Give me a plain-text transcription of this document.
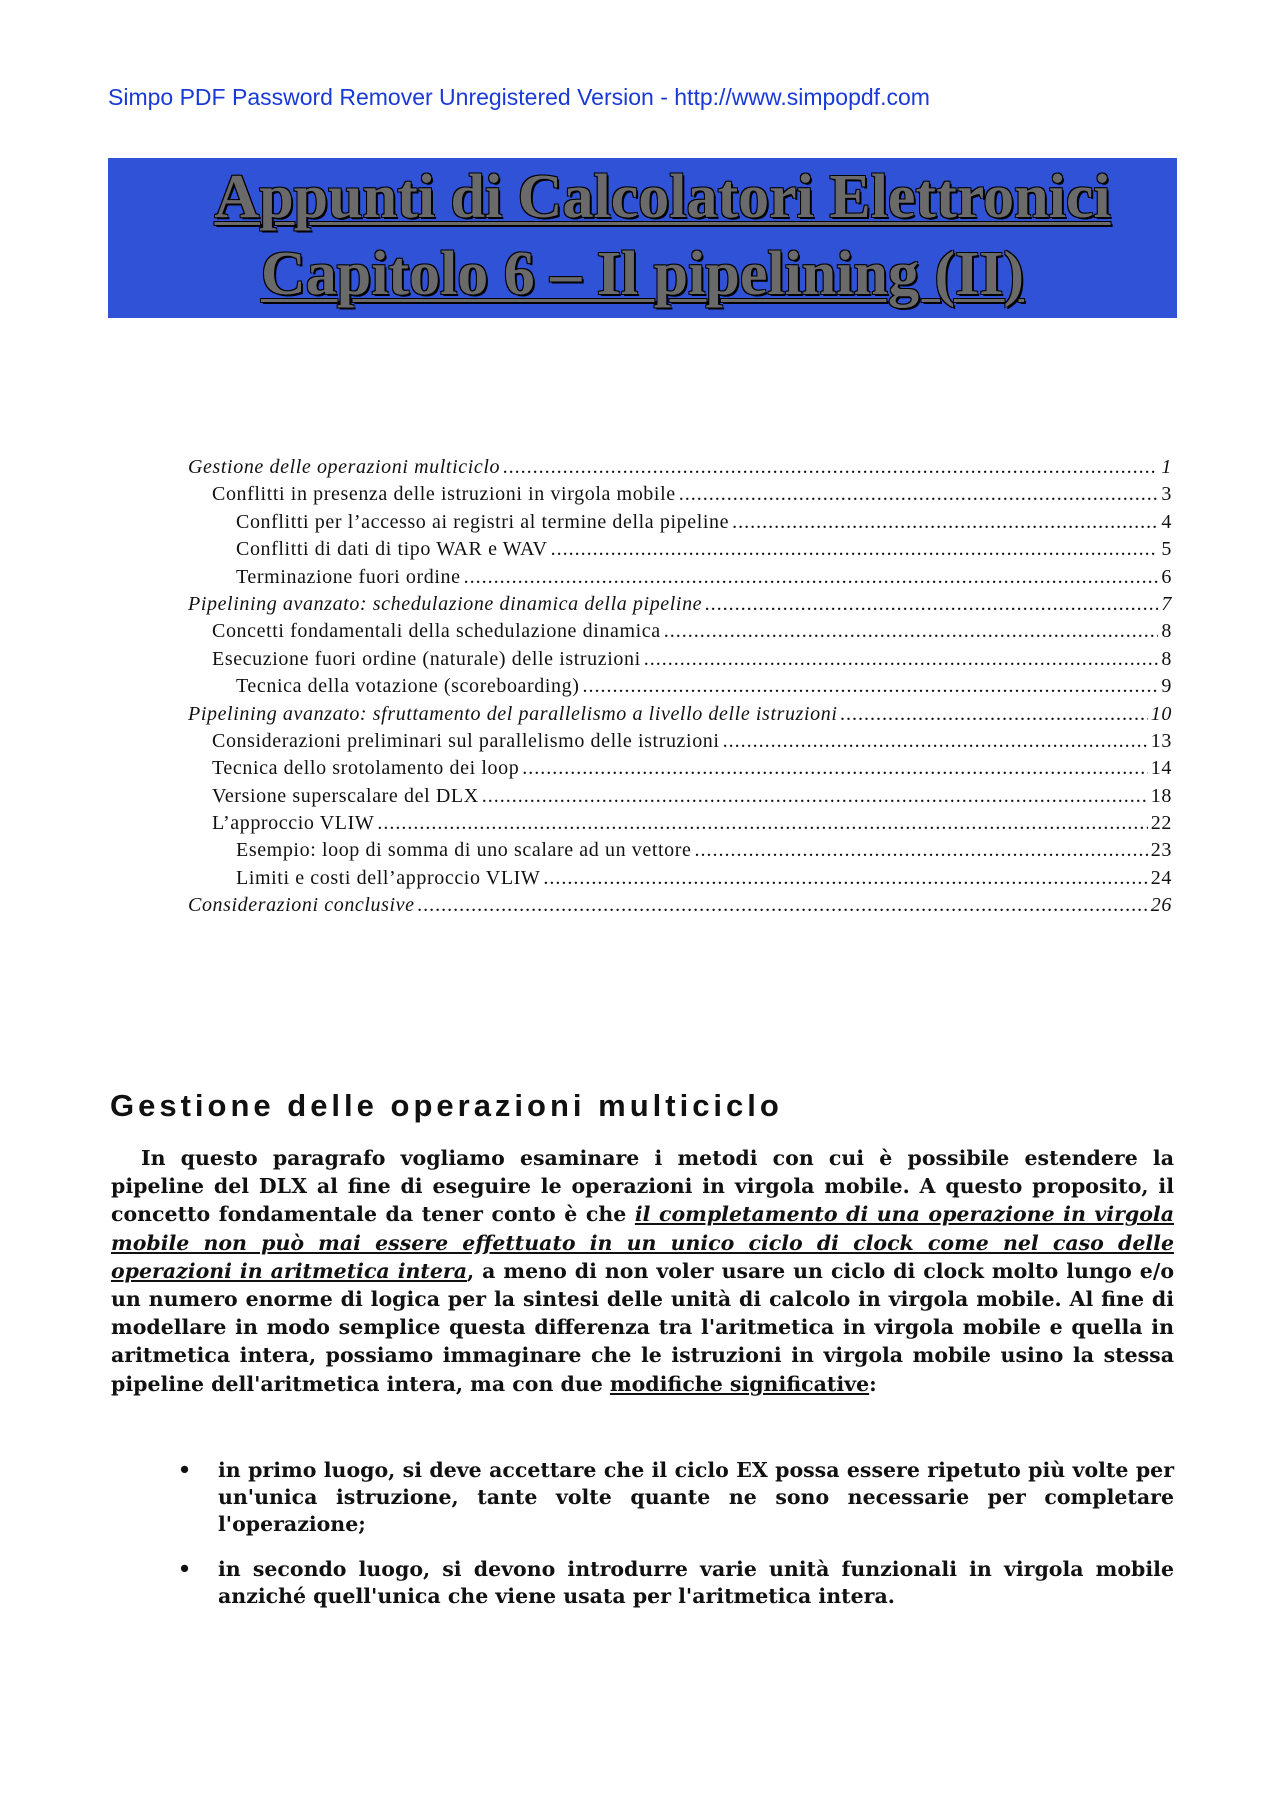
Simpo PDF Password Remover Unregistered Version - http://www.simpopdf.com
Appunti di Calcolatori Elettronici
Capitolo 6 – Il pipelining (II)
Gestione delle operazioni multiciclo .....	1
Conflitti in presenza delle istruzioni in virgola mobile .....	3
Conflitti per l’accesso ai registri al termine della pipeline .....	4
Conflitti di dati di tipo WAR e WAV .....	5
Terminazione fuori ordine .....	6
Pipelining avanzato: schedulazione dinamica della pipeline .....	7
Concetti fondamentali della schedulazione dinamica .....	8
Esecuzione fuori ordine (naturale) delle istruzioni .....	8
Tecnica della votazione (scoreboarding) .....	9
Pipelining avanzato: sfruttamento del parallelismo a livello delle istruzioni .....	10
Considerazioni preliminari sul parallelismo delle istruzioni .....	13
Tecnica dello srotolamento dei loop .....	14
Versione superscalare del DLX .....	18
L’approccio VLIW .....	22
Esempio: loop di somma di uno scalare ad un vettore .....	23
Limiti e costi dell’approccio VLIW .....	24
Considerazioni conclusive .....	26
Gestione delle operazioni multiciclo
In questo paragrafo vogliamo esaminare i metodi con cui è possibile estendere la pipeline del DLX al fine di eseguire le operazioni in virgola mobile. A questo proposito, il concetto fondamentale da tener conto è che il completamento di una operazione in virgola mobile non può mai essere effettuato in un unico ciclo di clock come nel caso delle operazioni in aritmetica intera, a meno di non voler usare un ciclo di clock molto lungo e/o un numero enorme di logica per la sintesi delle unità di calcolo in virgola mobile. Al fine di modellare in modo semplice questa differenza tra l'aritmetica in virgola mobile e quella in aritmetica intera, possiamo immaginare che le istruzioni in virgola mobile usino la stessa pipeline dell'aritmetica intera, ma con due modifiche significative:
• in primo luogo, si deve accettare che il ciclo EX possa essere ripetuto più volte per un'unica istruzione, tante volte quante ne sono necessarie per completare l'operazione;
• in secondo luogo, si devono introdurre varie unità funzionali in virgola mobile anziché quell'unica che viene usata per l'aritmetica intera.
